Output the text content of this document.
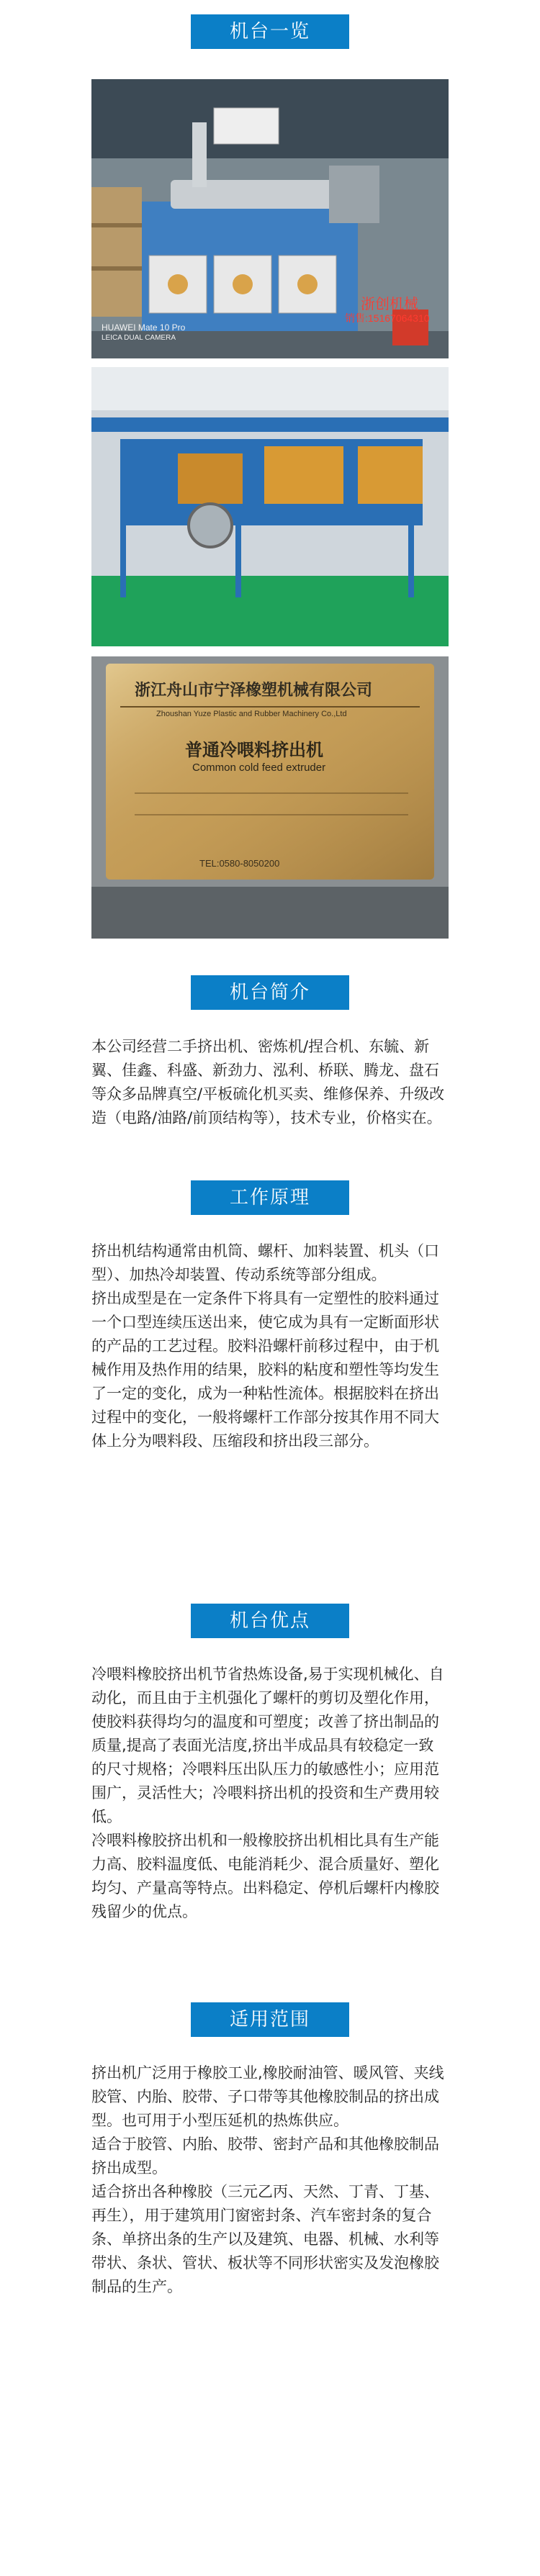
机台一览
HUAWEI Mate 10 Pro
LEICA DUAL CAMERA
浙创机械
销售:15167064310
浙江舟山市宁泽橡塑机械有限公司
Zhoushan Yuze Plastic and Rubber Machinery Co.,Ltd
普通冷喂料挤出机
Common cold feed extruder
TEL:0580-8050200
机台简介

本公司经营二手挤出机、密炼机/捏合机、东毓、新翼、佳鑫、科盛、新劲力、泓利、桥联、腾龙、盘石等众多品牌真空/平板硫化机买卖、维修保养、升级改造（电路/油路/前顶结构等），技术专业，价格实在。

工作原理

挤出机结构通常由机筒、螺杆、加料装置、机头（口型）、加热冷却装置、传动系统等部分组成。

挤出成型是在一定条件下将具有一定塑性的胶料通过一个口型连续压送出来，使它成为具有一定断面形状的产品的工艺过程。胶料沿螺杆前移过程中，由于机械作用及热作用的结果，胶料的粘度和塑性等均发生了一定的变化，成为一种粘性流体。根据胶料在挤出过程中的变化，一般将螺杆工作部分按其作用不同大体上分为喂料段、压缩段和挤出段三部分。

机台优点

冷喂料橡胶挤出机节省热炼设备,易于实现机械化、自动化，而且由于主机强化了螺杆的剪切及塑化作用，使胶料获得均匀的温度和可塑度；改善了挤出制品的质量,提高了表面光洁度,挤出半成品具有较稳定一致的尺寸规格；冷喂料压出队压力的敏感性小；应用范围广，灵活性大；冷喂料挤出机的投资和生产费用较低。

冷喂料橡胶挤出机和一般橡胶挤出机相比具有生产能力高、胶料温度低、电能消耗少、混合质量好、塑化均匀、产量高等特点。出料稳定、停机后螺杆内橡胶残留少的优点。

适用范围

挤出机广泛用于橡胶工业,橡胶耐油管、暖风管、夹线胶管、内胎、胶带、子口带等其他橡胶制品的挤出成型。也可用于小型压延机的热炼供应。

适合于胶管、内胎、胶带、密封产品和其他橡胶制品挤出成型。

适合挤出各种橡胶（三元乙丙、天然、丁青、丁基、再生），用于建筑用门窗密封条、汽车密封条的复合条、单挤出条的生产以及建筑、电器、机械、水利等带状、条状、管状、板状等不同形状密实及发泡橡胶制品的生产。
